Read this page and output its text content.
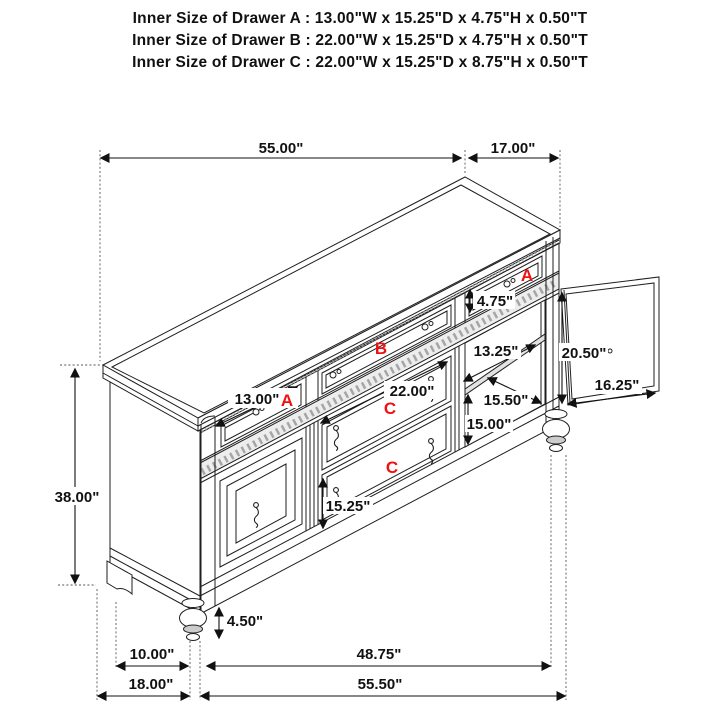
Inner Size of Drawer A : 13.00"W x 15.25"D x 4.75"H x 0.50"T
Inner Size of Drawer B : 22.00"W x 15.25"D x 4.75"H x 0.50"T
Inner Size of Drawer C : 22.00"W x 15.25"D x 8.75"H x 0.50"T
55.00"	17.00"
38.00"
4.75"
20.50"
13.25"
15.50"
15.00"
16.25"
13.00"	22.00"
15.25"
4.50"
10.00"	48.75"
18.00"	55.50"
A
B
A	C
C
